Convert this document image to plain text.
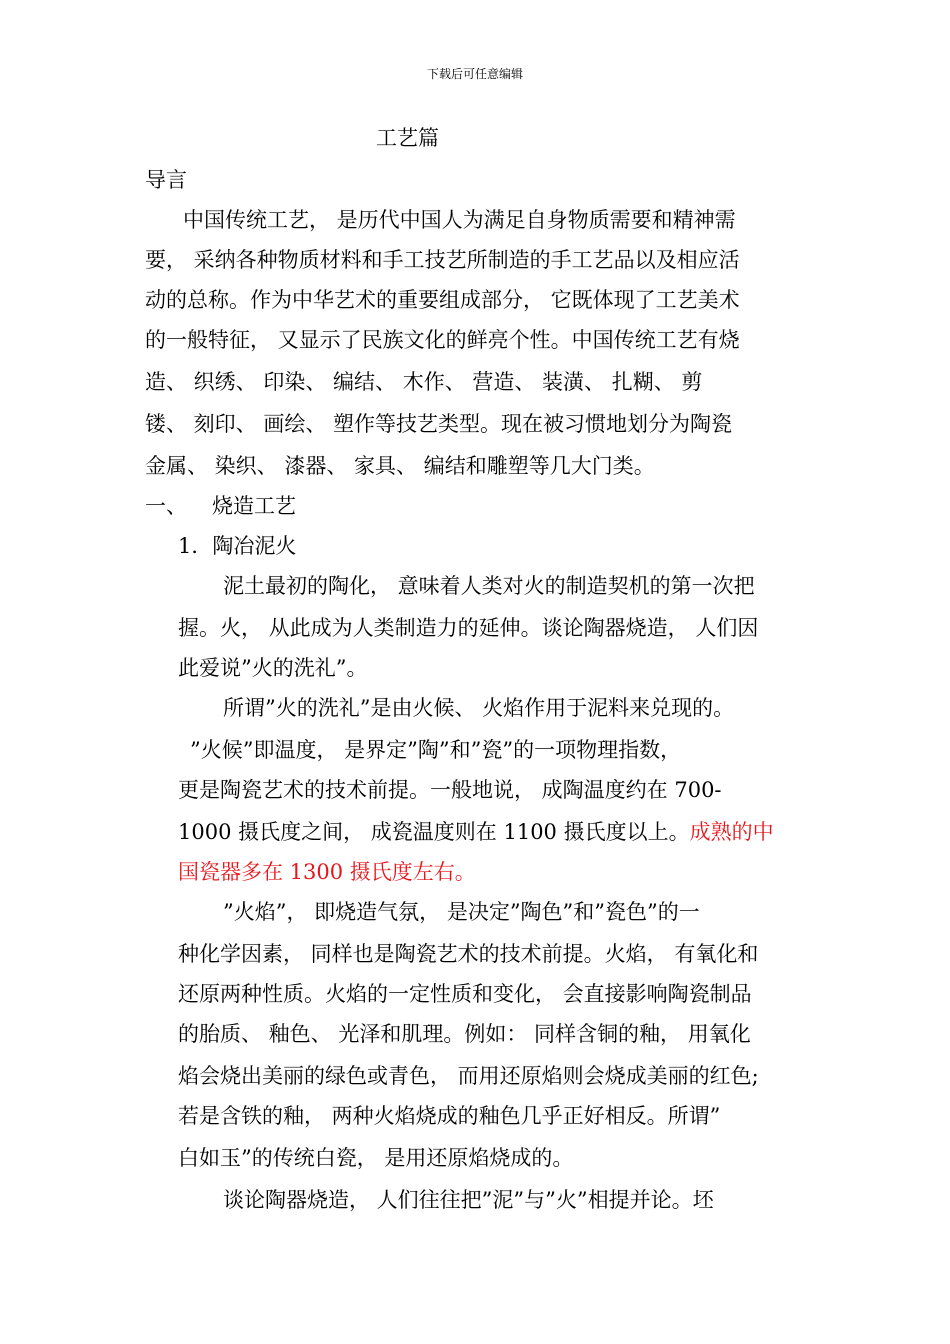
下载后可任意编辑
工艺篇
导言
中国传统工艺， 是历代中国人为满足自身物质需要和精神需
要， 采纳各种物质材料和手工技艺所制造的手工艺品以及相应活
动的总称。作为中华艺术的重要组成部分， 它既体现了工艺美术
的一般特征， 又显示了民族文化的鲜亮个性。中国传统工艺有烧
造、 织绣、 印染、 编结、 木作、 营造、 装潢、 扎糊、 剪
镂、 刻印、 画绘、 塑作等技艺类型。现在被习惯地划分为陶瓷
金属、 染织、 漆器、 家具、 编结和雕塑等几大门类。
一、 烧造工艺
1．陶冶泥火
泥土最初的陶化， 意味着人类对火的制造契机的第一次把
握。火， 从此成为人类制造力的延伸。谈论陶器烧造， 人们因
此爱说”火的洗礼”。
所谓”火的洗礼”是由火候、 火焰作用于泥料来兑现的。
”火候”即温度， 是界定”陶”和”瓷”的一项物理指数，
更是陶瓷艺术的技术前提。一般地说， 成陶温度约在 700-
1000 摄氏度之间， 成瓷温度则在 1100 摄氏度以上。成熟的中
国瓷器多在 1300 摄氏度左右。
”火焰”， 即烧造气氛， 是决定”陶色”和”瓷色”的一
种化学因素， 同样也是陶瓷艺术的技术前提。火焰， 有氧化和
还原两种性质。火焰的一定性质和变化， 会直接影响陶瓷制品
的胎质、 釉色、 光泽和肌理。例如： 同样含铜的釉， 用氧化
焰会烧出美丽的绿色或青色， 而用还原焰则会烧成美丽的红色;
若是含铁的釉， 两种火焰烧成的釉色几乎正好相反。所谓”
白如玉”的传统白瓷， 是用还原焰烧成的。
谈论陶器烧造， 人们往往把”泥”与”火”相提并论。坯
